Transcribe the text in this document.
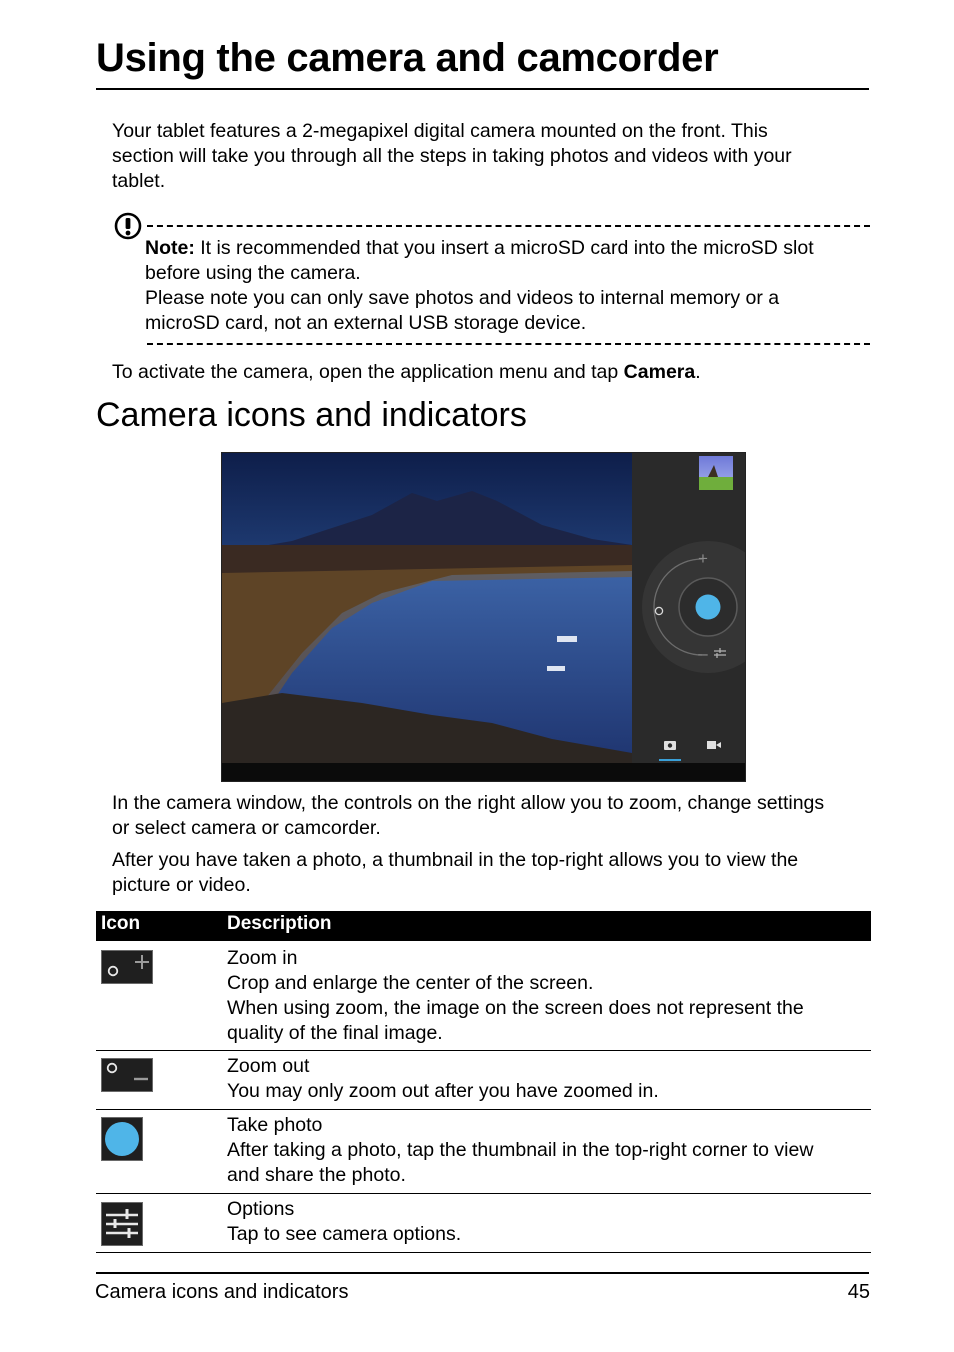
Using the camera and camcorder
Your tablet features a 2-megapixel digital camera mounted on the front. This
section will take you through all the steps in taking photos and videos with your
tablet.
Note: It is recommended that you insert a microSD card into the microSD slot
before using the camera.
Please note you can only save photos and videos to internal memory or a
microSD card, not an external USB storage device.
To activate the camera, open the application menu and tap Camera.
Camera icons and indicators
+
–
In the camera window, the controls on the right allow you to zoom, change settings
or select camera or camcorder.
After you have taken a photo, a thumbnail in the top-right allows you to view the
picture or video.
Icon	Description
Zoom in
Crop and enlarge the center of the screen.
When using zoom, the image on the screen does not represent the
quality of the final image.
Zoom out
You may only zoom out after you have zoomed in.
Take photo
After taking a photo, tap the thumbnail in the top-right corner to view
and share the photo.
Options
Tap to see camera options.
Camera icons and indicators	45
